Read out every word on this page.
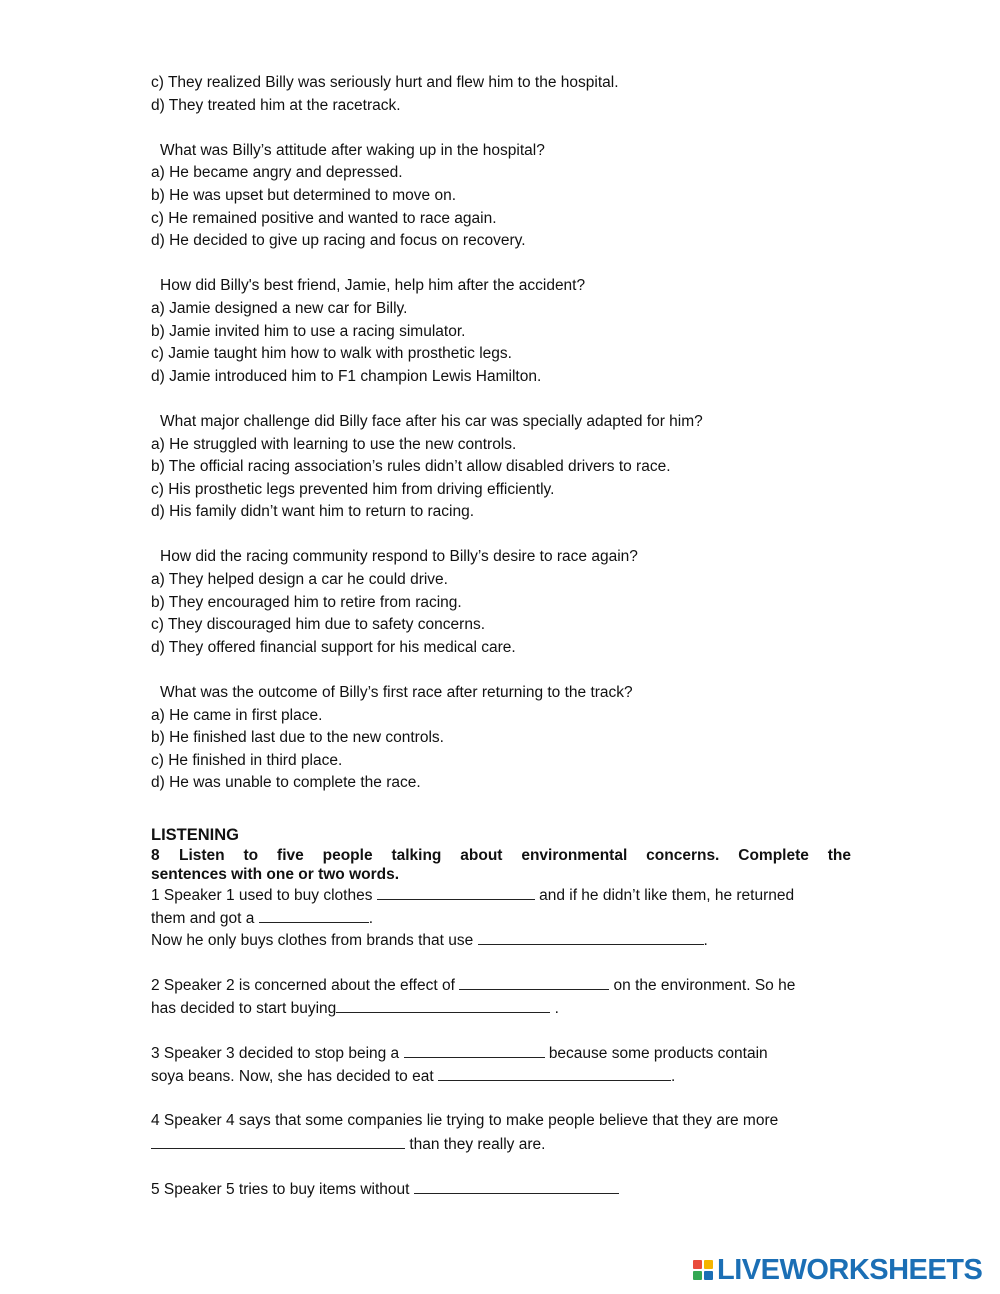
c) They realized Billy was seriously hurt and flew him to the hospital.
d) They treated him at the racetrack.
What was Billy’s attitude after waking up in the hospital?
a) He became angry and depressed.
b) He was upset but determined to move on.
c) He remained positive and wanted to race again.
d) He decided to give up racing and focus on recovery.
How did Billy's best friend, Jamie, help him after the accident?
a) Jamie designed a new car for Billy.
b) Jamie invited him to use a racing simulator.
c) Jamie taught him how to walk with prosthetic legs.
d) Jamie introduced him to F1 champion Lewis Hamilton.
What major challenge did Billy face after his car was specially adapted for him?
a) He struggled with learning to use the new controls.
b) The official racing association’s rules didn’t allow disabled drivers to race.
c) His prosthetic legs prevented him from driving efficiently.
d) His family didn’t want him to return to racing.
How did the racing community respond to Billy’s desire to race again?
a) They helped design a car he could drive.
b) They encouraged him to retire from racing.
c) They discouraged him due to safety concerns.
d) They offered financial support for his medical care.
What was the outcome of Billy’s first race after returning to the track?
a) He came in first place.
b) He finished last due to the new controls.
c) He finished in third place.
d) He was unable to complete the race.
LISTENING
8	Listen to five people talking about environmental concerns. Complete the
sentences with one or two words.
1 Speaker 1 used to buy clothes	and if he didn’t like them, he returned
them and got a	.
Now he only buys clothes from brands that use	.
2 Speaker 2 is concerned about the effect of	on the environment. So he
has decided to start buying	.
3 Speaker 3 decided to stop being a	because some products contain
soya beans. Now, she has decided to eat	.
4 Speaker 4 says that some companies lie trying to make people believe that they are more
than they really are.
5 Speaker 5 tries to buy items without
LIVEWORKSHEETS
